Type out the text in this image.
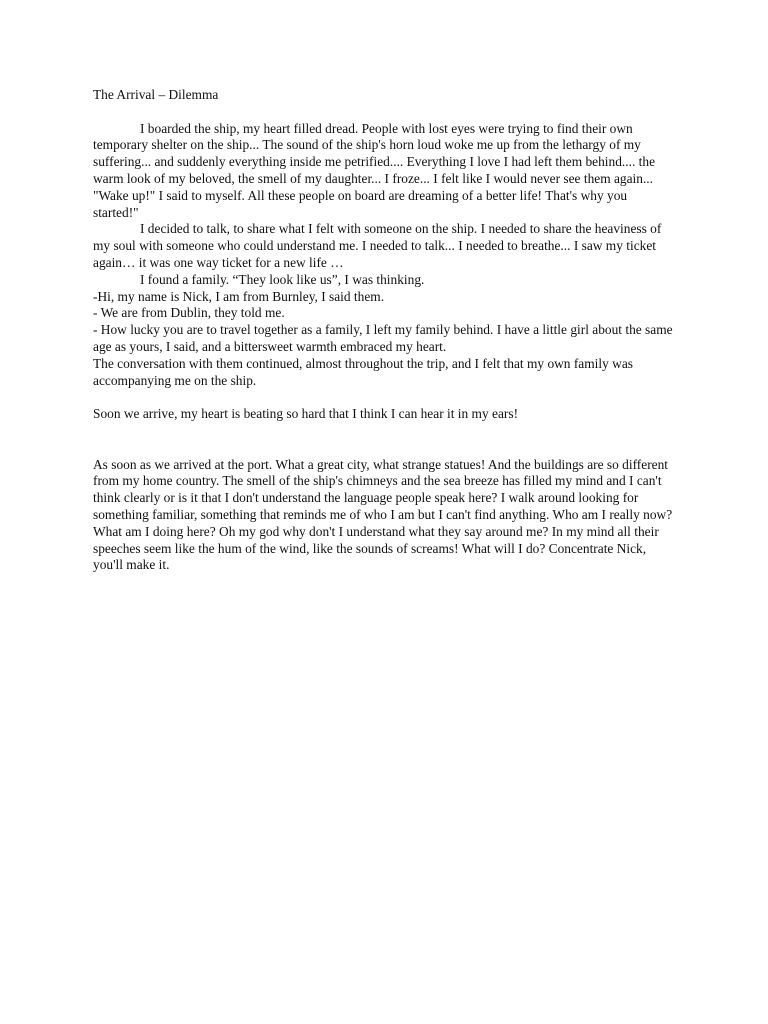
The Arrival – Dilemma

I boarded the ship, my heart filled dread. People with lost eyes were trying to find their own temporary shelter on the ship... The sound of the ship's horn loud woke me up from the lethargy of my suffering... and suddenly everything inside me petrified.... Everything I love I had left them behind.... the warm look of my beloved, the smell of my daughter... I froze... I felt like I would never see them again...

"Wake up!" I said to myself. All these people on board are dreaming of a better life! That's why you started!"

I decided to talk, to share what I felt with someone on the ship. I needed to share the heaviness of my soul with someone who could understand me. I needed to talk... I needed to breathe... I saw my ticket again… it was one way ticket for a new life …

I found a family. “They look like us”, I was thinking.

-Hi, my name is Nick, I am from Burnley, I said them.

- We are from Dublin, they told me.

- How lucky you are to travel together as a family, I left my family behind. I have a little girl about the same age as yours, I said, and a bittersweet warmth embraced my heart.

The conversation with them continued, almost throughout the trip, and I felt that my own family was accompanying me on the ship.

Soon we arrive, my heart is beating so hard that I think I can hear it in my ears!

As soon as we arrived at the port. What a great city, what strange statues! And the buildings are so different from my home country. The smell of the ship's chimneys and the sea breeze has filled my mind and I can't think clearly or is it that I don't understand the language people speak here? I walk around looking for something familiar, something that reminds me of who I am but I can't find anything. Who am I really now? What am I doing here? Oh my god why don't I understand what they say around me? In my mind all their speeches seem like the hum of the wind, like the sounds of screams! What will I do? Concentrate Nick, you'll make it.
